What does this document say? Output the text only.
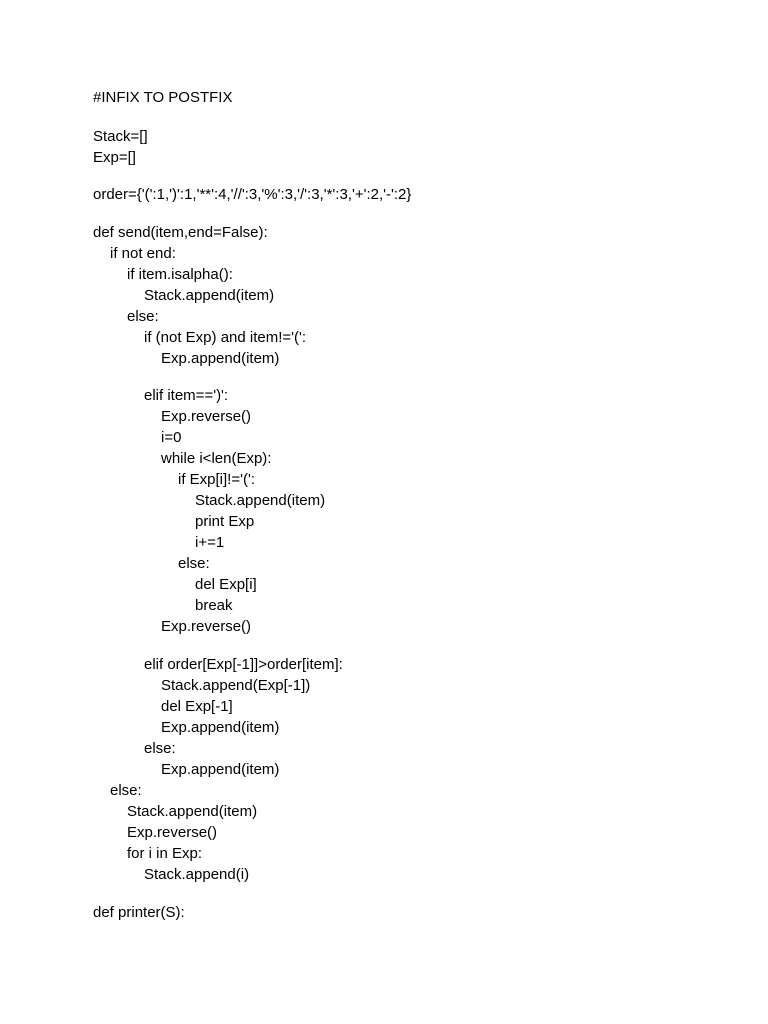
#INFIX TO POSTFIX
Stack=[]
Exp=[]
order={'(':1,')':1,'**':4,'//':3,'%':3,'/':3,'*':3,'+':2,'-':2}
def send(item,end=False):
if not end:
if item.isalpha():
Stack.append(item)
else:
if (not Exp) and item!='(':
Exp.append(item)
elif item==')':
Exp.reverse()
i=0
while i<len(Exp):
if Exp[i]!='(':
Stack.append(item)
print Exp
i+=1
else:
del Exp[i]
break
Exp.reverse()
elif order[Exp[-1]]>order[item]:
Stack.append(Exp[-1])
del Exp[-1]
Exp.append(item)
else:
Exp.append(item)
else:
Stack.append(item)
Exp.reverse()
for i in Exp:
Stack.append(i)
def printer(S):
